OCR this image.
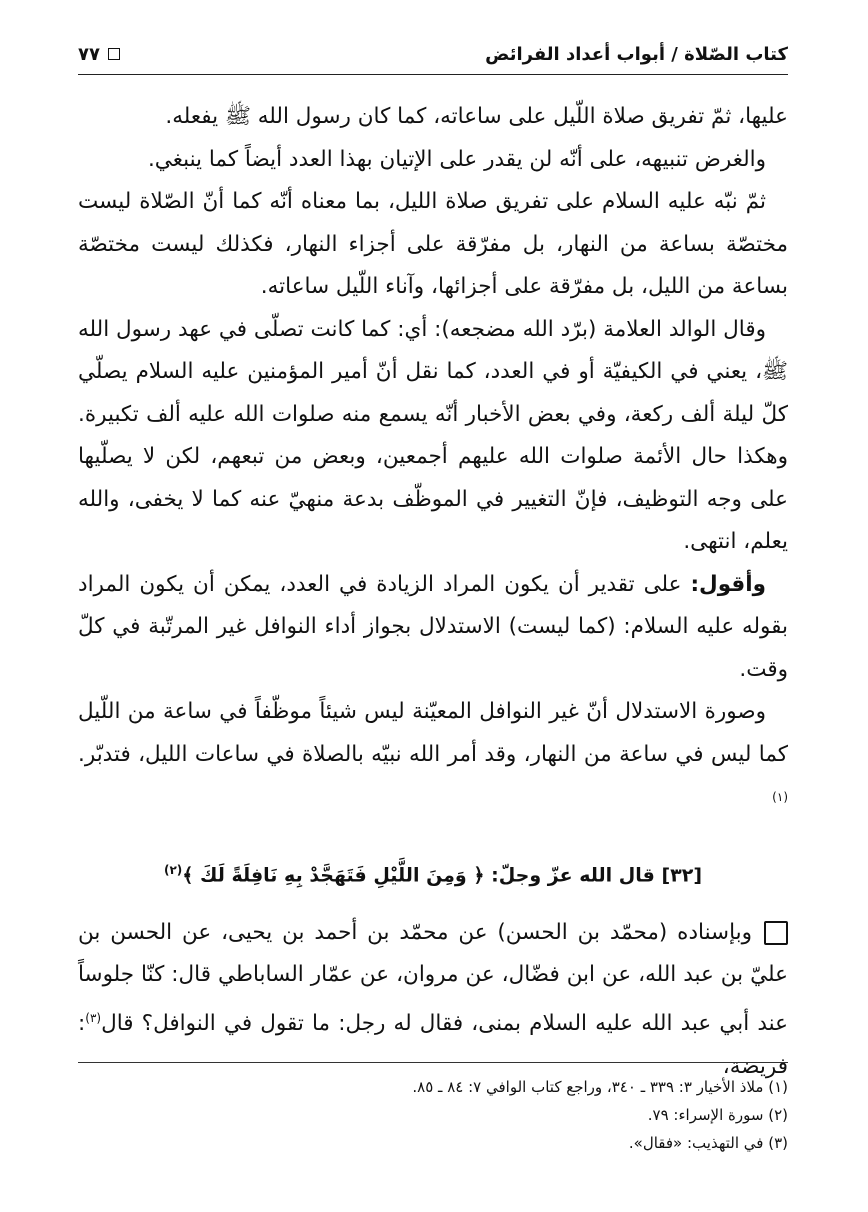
كتاب الصّلاة / أبواب أعداد الفرائض
٧٧

عليها، ثمّ تفريق صلاة اللّيل على ساعاته، كما كان رسول الله ﷺ يفعله.

والغرض تنبيهه، على أنّه لن يقدر على الإتيان بهذا العدد أيضاً كما ينبغي.

ثمّ نبّه عليه السلام على تفريق صلاة الليل، بما معناه أنّه كما أنّ الصّلاة ليست مختصّة بساعة من النهار، بل مفرّقة على أجزاء النهار، فكذلك ليست مختصّة بساعة من الليل، بل مفرّقة على أجزائها، وآناء اللّيل ساعاته.

وقال الوالد العلامة (برّد الله مضجعه): أي: كما كانت تصلّى في عهد رسول الله ﷺ، يعني في الكيفيّة أو في العدد، كما نقل أنّ أمير المؤمنين عليه السلام يصلّي كلّ ليلة ألف ركعة، وفي بعض الأخبار أنّه يسمع منه صلوات الله عليه ألف تكبيرة. وهكذا حال الأئمة صلوات الله عليهم أجمعين، وبعض من تبعهم، لكن لا يصلّيها على وجه التوظيف، فإنّ التغيير في الموظّف بدعة منهيّ عنه كما لا يخفى، والله يعلم، انتهى.

وأقول: على تقدير أن يكون المراد الزيادة في العدد، يمكن أن يكون المراد بقوله عليه السلام: (كما ليست) الاستدلال بجواز أداء النوافل غير المرتّبة في كلّ وقت.

وصورة الاستدلال أنّ غير النوافل المعيّنة ليس شيئاً موظّفاً في ساعة من اللّيل كما ليس في ساعة من النهار، وقد أمر الله نبيّه بالصلاة في ساعات الليل، فتدبّر.$^{(١)}$

[٣٢] قال الله عزّ وجلّ: ﴿ وَمِنَ اللَّيْلِ فَتَهَجَّدْ بِهِ نَافِلَةً لَكَ ﴾$^{(٢)}$

وبإسناده (محمّد بن الحسن) عن محمّد بن أحمد بن يحيى، عن الحسن بن عليّ بن عبد الله، عن ابن فضّال، عن مروان، عن عمّار الساباطي قال: كنّا جلوساً عند أبي عبد الله عليه السلام بمنى، فقال له رجل: ما تقول في النوافل؟ قال$^{(٣)}$: فريضة،

(١) ملاذ الأخيار ٣: ٣٣٩ ـ ٣٤٠، وراجع كتاب الوافي ٧: ٨٤ ـ ٨٥.

(٢) سورة الإسراء: ٧٩.

(٣) في التهذيب: «فقال».
